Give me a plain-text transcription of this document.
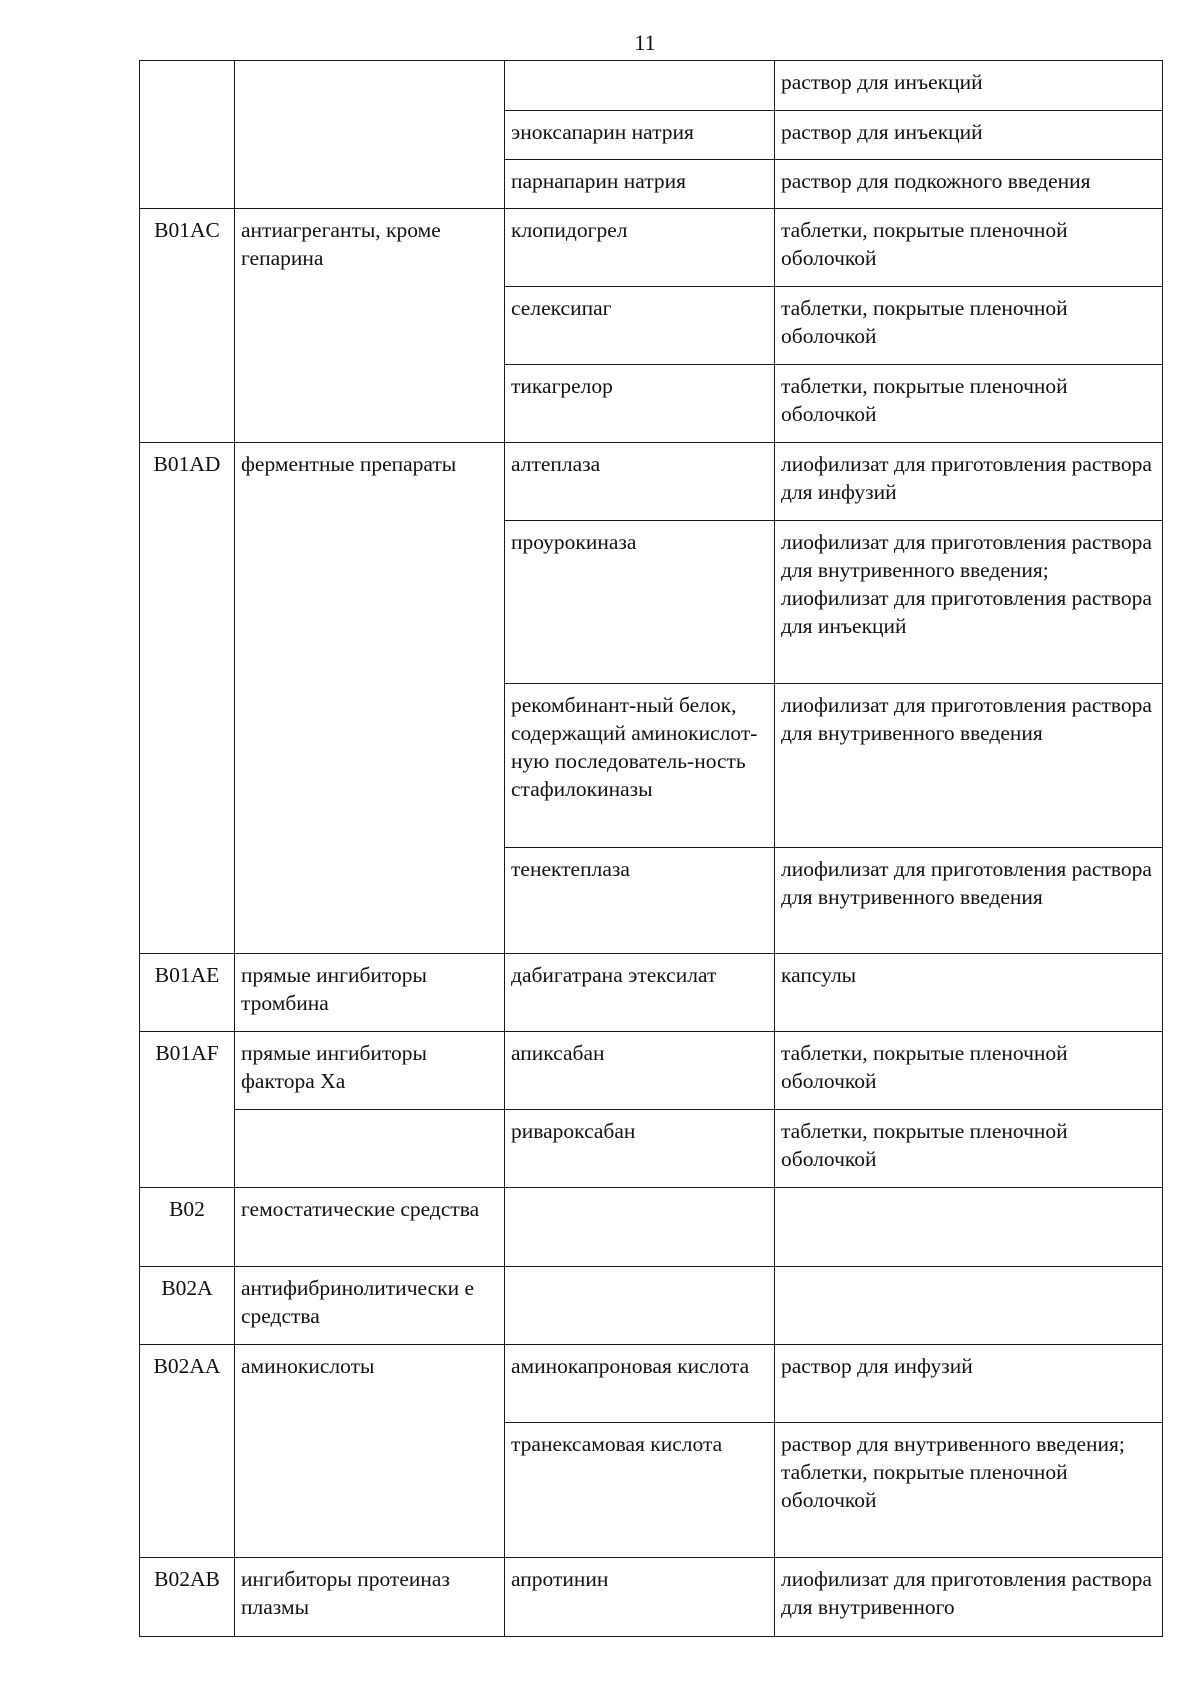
11
			раствор для инъекций
		эноксапарин натрия	раствор для инъекций
		парнапарин натрия	раствор для подкожного введения
B01AC	антиагреганты, кроме гепарина	клопидогрел	таблетки, покрытые пленочной оболочкой
		селексипаг	таблетки, покрытые пленочной оболочкой
		тикагрелор	таблетки, покрытые пленочной оболочкой
B01AD	ферментные препараты	алтеплаза	лиофилизат для приготовления раствора для инфузий
		проурокиназа	лиофилизат для приготовления раствора для внутривенного введения; лиофилизат для приготовления раствора для инъекций
		рекомбинант-ный белок, содержащий аминокислот-ную последователь-ность стафилокиназы	лиофилизат для приготовления раствора для внутривенного введения
		тенектеплаза	лиофилизат для приготовления раствора для внутривенного введения
B01AE	прямые ингибиторы тромбина	дабигатрана этексилат	капсулы
B01AF	прямые ингибиторы фактора Ха	апиксабан	таблетки, покрытые пленочной оболочкой
		ривароксабан	таблетки, покрытые пленочной оболочкой
B02	гемостатические средства		
B02A	антифибринолитически е средства		
B02AA	аминокислоты	аминокапроновая кислота	раствор для инфузий
		транексамовая кислота	раствор для внутривенного введения; таблетки, покрытые пленочной оболочкой
B02AB	ингибиторы протеиназ плазмы	апротинин	лиофилизат для приготовления раствора для внутривенного
